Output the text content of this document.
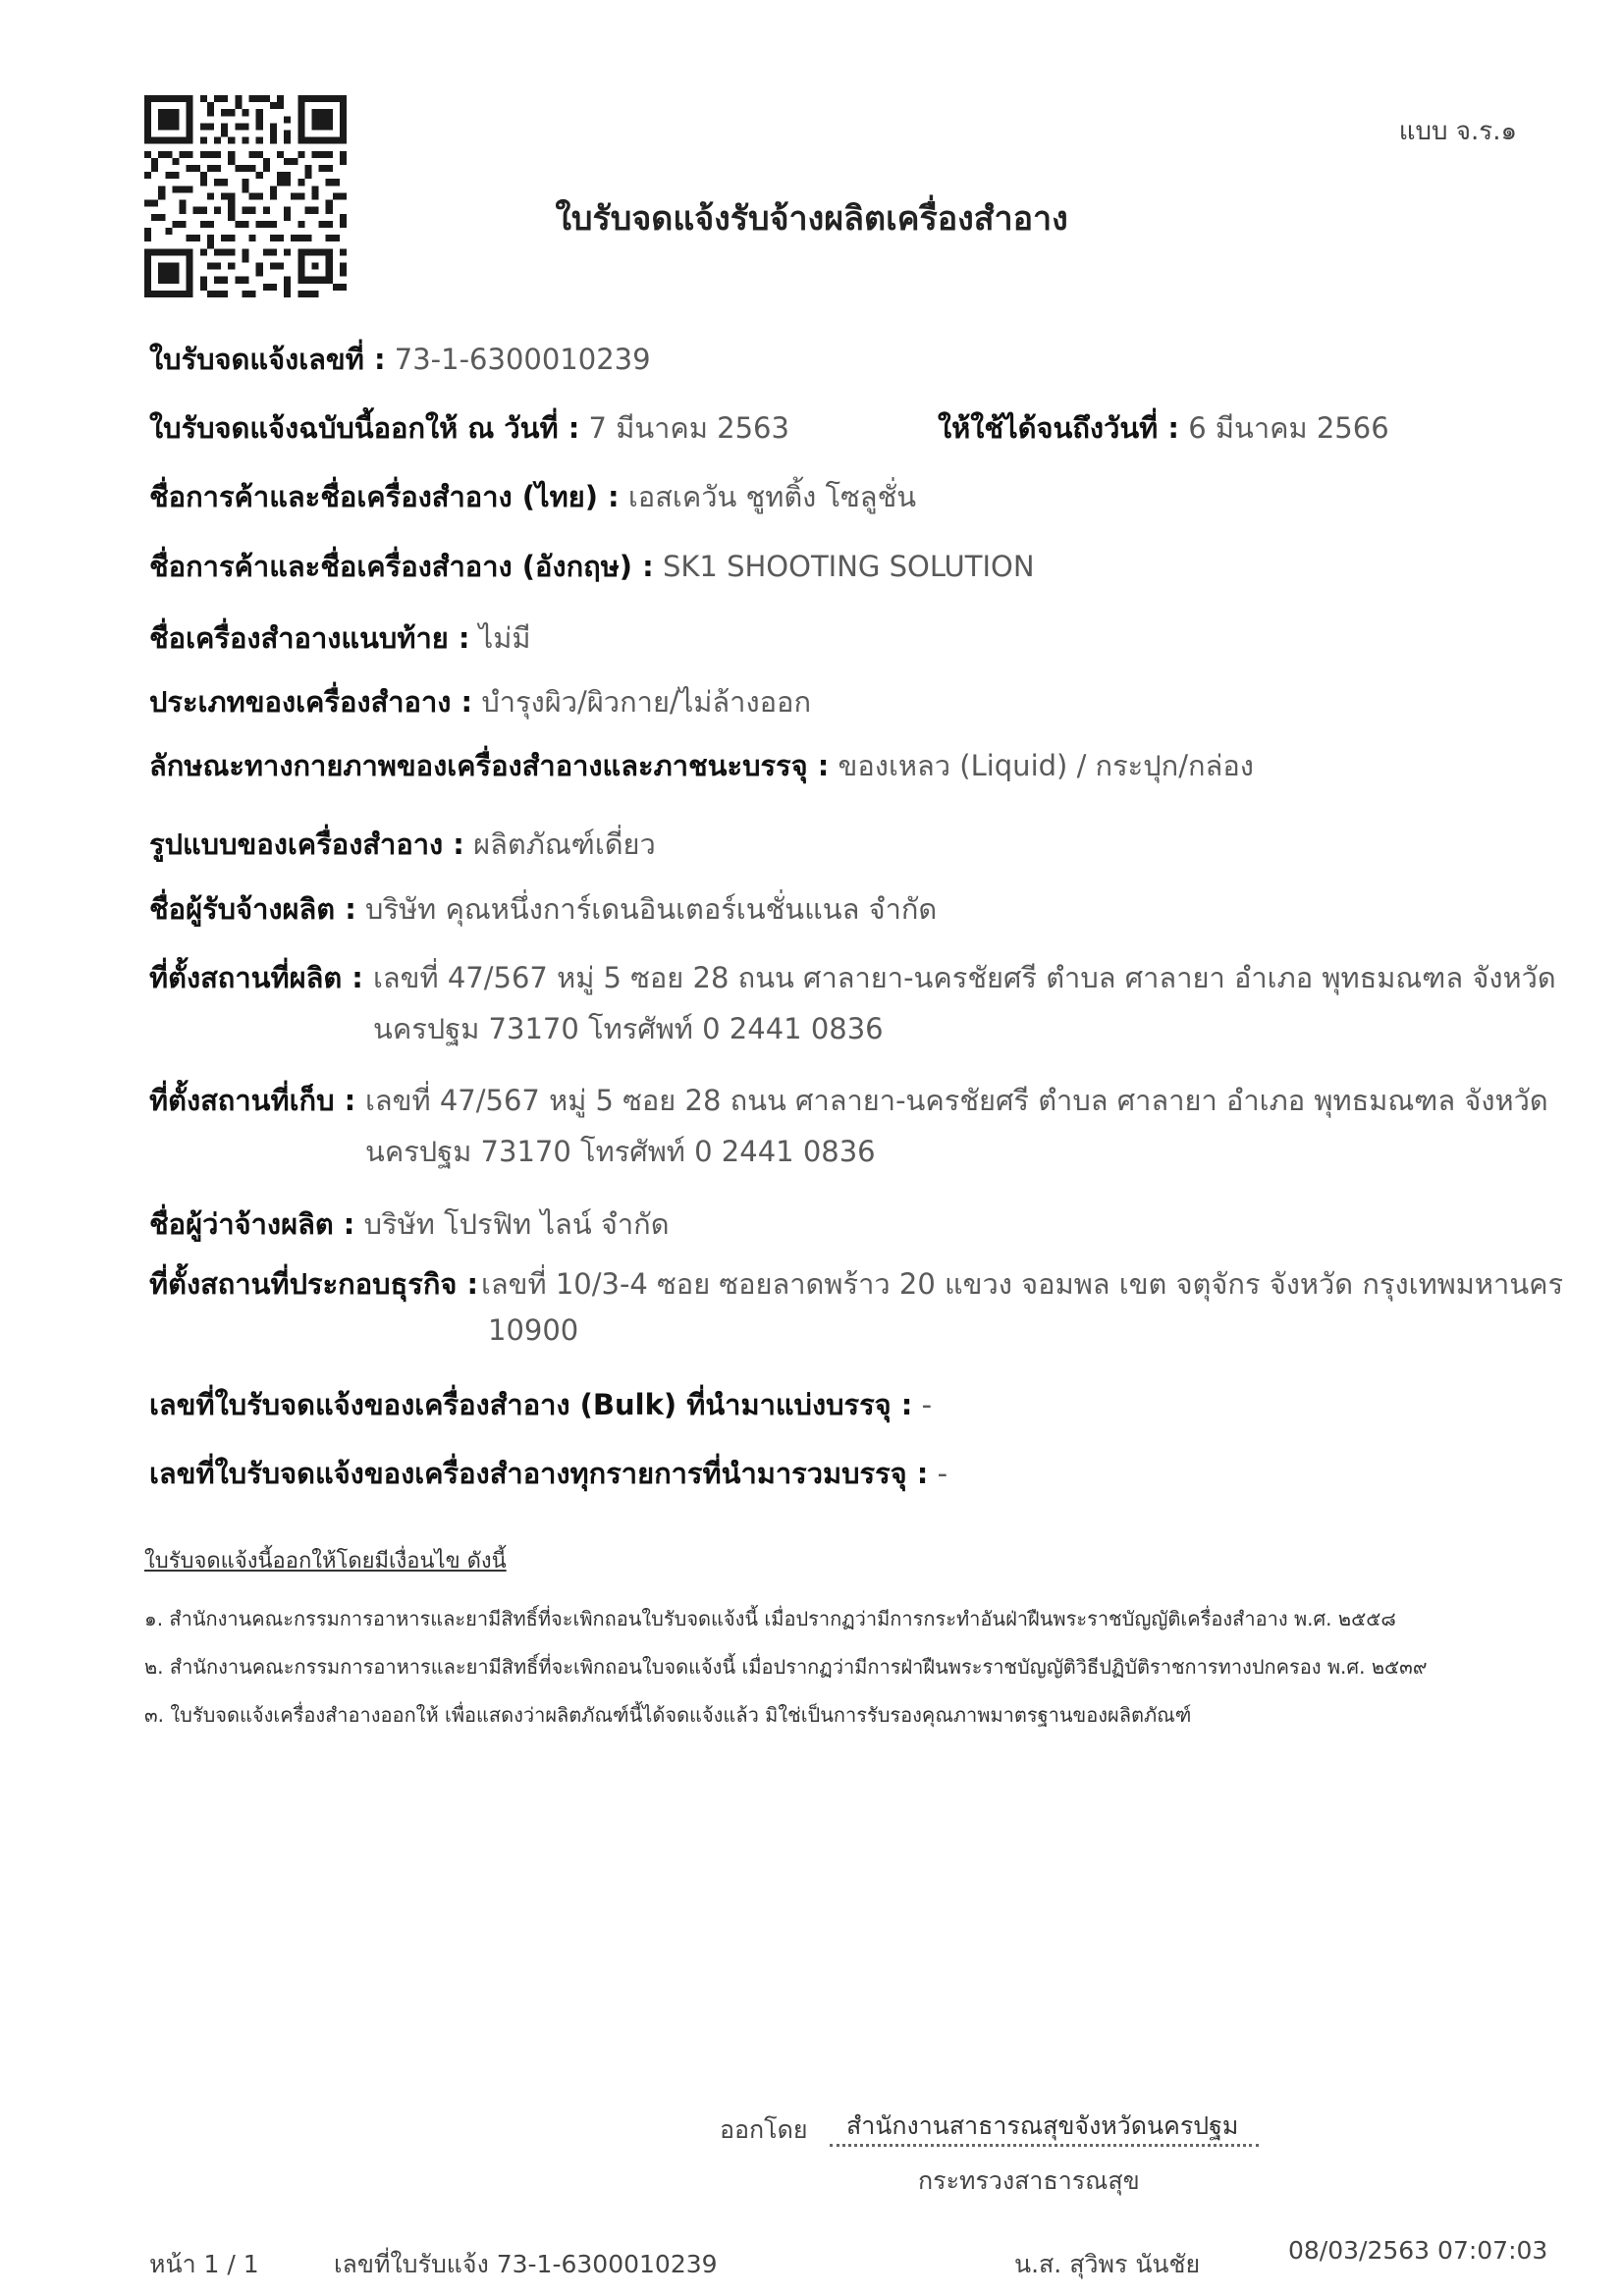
แบบ จ.ร.๑
ใบรับจดแจ้งรับจ้างผลิตเครื่องสำอาง
ใบรับจดแจ้งเลขที่ : 73-1-6300010239
ใบรับจดแจ้งฉบับนี้ออกให้ ณ วันที่ : 7 มีนาคม 2563	ให้ใช้ได้จนถึงวันที่ : 6 มีนาคม 2566
ชื่อการค้าและชื่อเครื่องสำอาง (ไทย) : เอสเควัน ชูทติ้ง โซลูชั่น
ชื่อการค้าและชื่อเครื่องสำอาง (อังกฤษ) : SK1 SHOOTING SOLUTION
ชื่อเครื่องสำอางแนบท้าย : ไม่มี
ประเภทของเครื่องสำอาง : บำรุงผิว/ผิวกาย/ไม่ล้างออก
ลักษณะทางกายภาพของเครื่องสำอางและภาชนะบรรจุ : ของเหลว (Liquid) / กระปุก/กล่อง
รูปแบบของเครื่องสำอาง : ผลิตภัณฑ์เดี่ยว
ชื่อผู้รับจ้างผลิต : บริษัท คุณหนึ่งการ์เดนอินเตอร์เนชั่นแนล จำกัด
ที่ตั้งสถานที่ผลิต : เลขที่ 47/567 หมู่ 5 ซอย 28 ถนน ศาลายา-นครชัยศรี ตำบล ศาลายา อำเภอ พุทธมณฑล จังหวัด
นครปฐม 73170 โทรศัพท์ 0 2441 0836
ที่ตั้งสถานที่เก็บ : เลขที่ 47/567 หมู่ 5 ซอย 28 ถนน ศาลายา-นครชัยศรี ตำบล ศาลายา อำเภอ พุทธมณฑล จังหวัด
นครปฐม 73170 โทรศัพท์ 0 2441 0836
ชื่อผู้ว่าจ้างผลิต : บริษัท โปรฟิท ไลน์ จำกัด
ที่ตั้งสถานที่ประกอบธุรกิจ : เลขที่ 10/3-4 ซอย ซอยลาดพร้าว 20 แขวง จอมพล เขต จตุจักร จังหวัด กรุงเทพมหานคร
10900
เลขที่ใบรับจดแจ้งของเครื่องสำอาง (Bulk) ที่นำมาแบ่งบรรจุ : -
เลขที่ใบรับจดแจ้งของเครื่องสำอางทุกรายการที่นำมารวมบรรจุ : -
ใบรับจดแจ้งนี้ออกให้โดยมีเงื่อนไข ดังนี้
๑. สำนักงานคณะกรรมการอาหารและยามีสิทธิ์ที่จะเพิกถอนใบรับจดแจ้งนี้ เมื่อปรากฏว่ามีการกระทำอันฝ่าฝืนพระราชบัญญัติเครื่องสำอาง พ.ศ. ๒๕๕๘
๒. สำนักงานคณะกรรมการอาหารและยามีสิทธิ์ที่จะเพิกถอนใบจดแจ้งนี้ เมื่อปรากฏว่ามีการฝ่าฝืนพระราชบัญญัติวิธีปฏิบัติราชการทางปกครอง พ.ศ. ๒๕๓๙
๓. ใบรับจดแจ้งเครื่องสำอางออกให้ เพื่อแสดงว่าผลิตภัณฑ์นี้ได้จดแจ้งแล้ว มิใช่เป็นการรับรองคุณภาพมาตรฐานของผลิตภัณฑ์
ออกโดย สำนักงานสาธารณสุขจังหวัดนครปฐม
กระทรวงสาธารณสุข
หน้า 1 / 1	เลขที่ใบรับแจ้ง 73-1-6300010239	น.ส. สุวิพร นันชัย	08/03/2563 07:07:03
